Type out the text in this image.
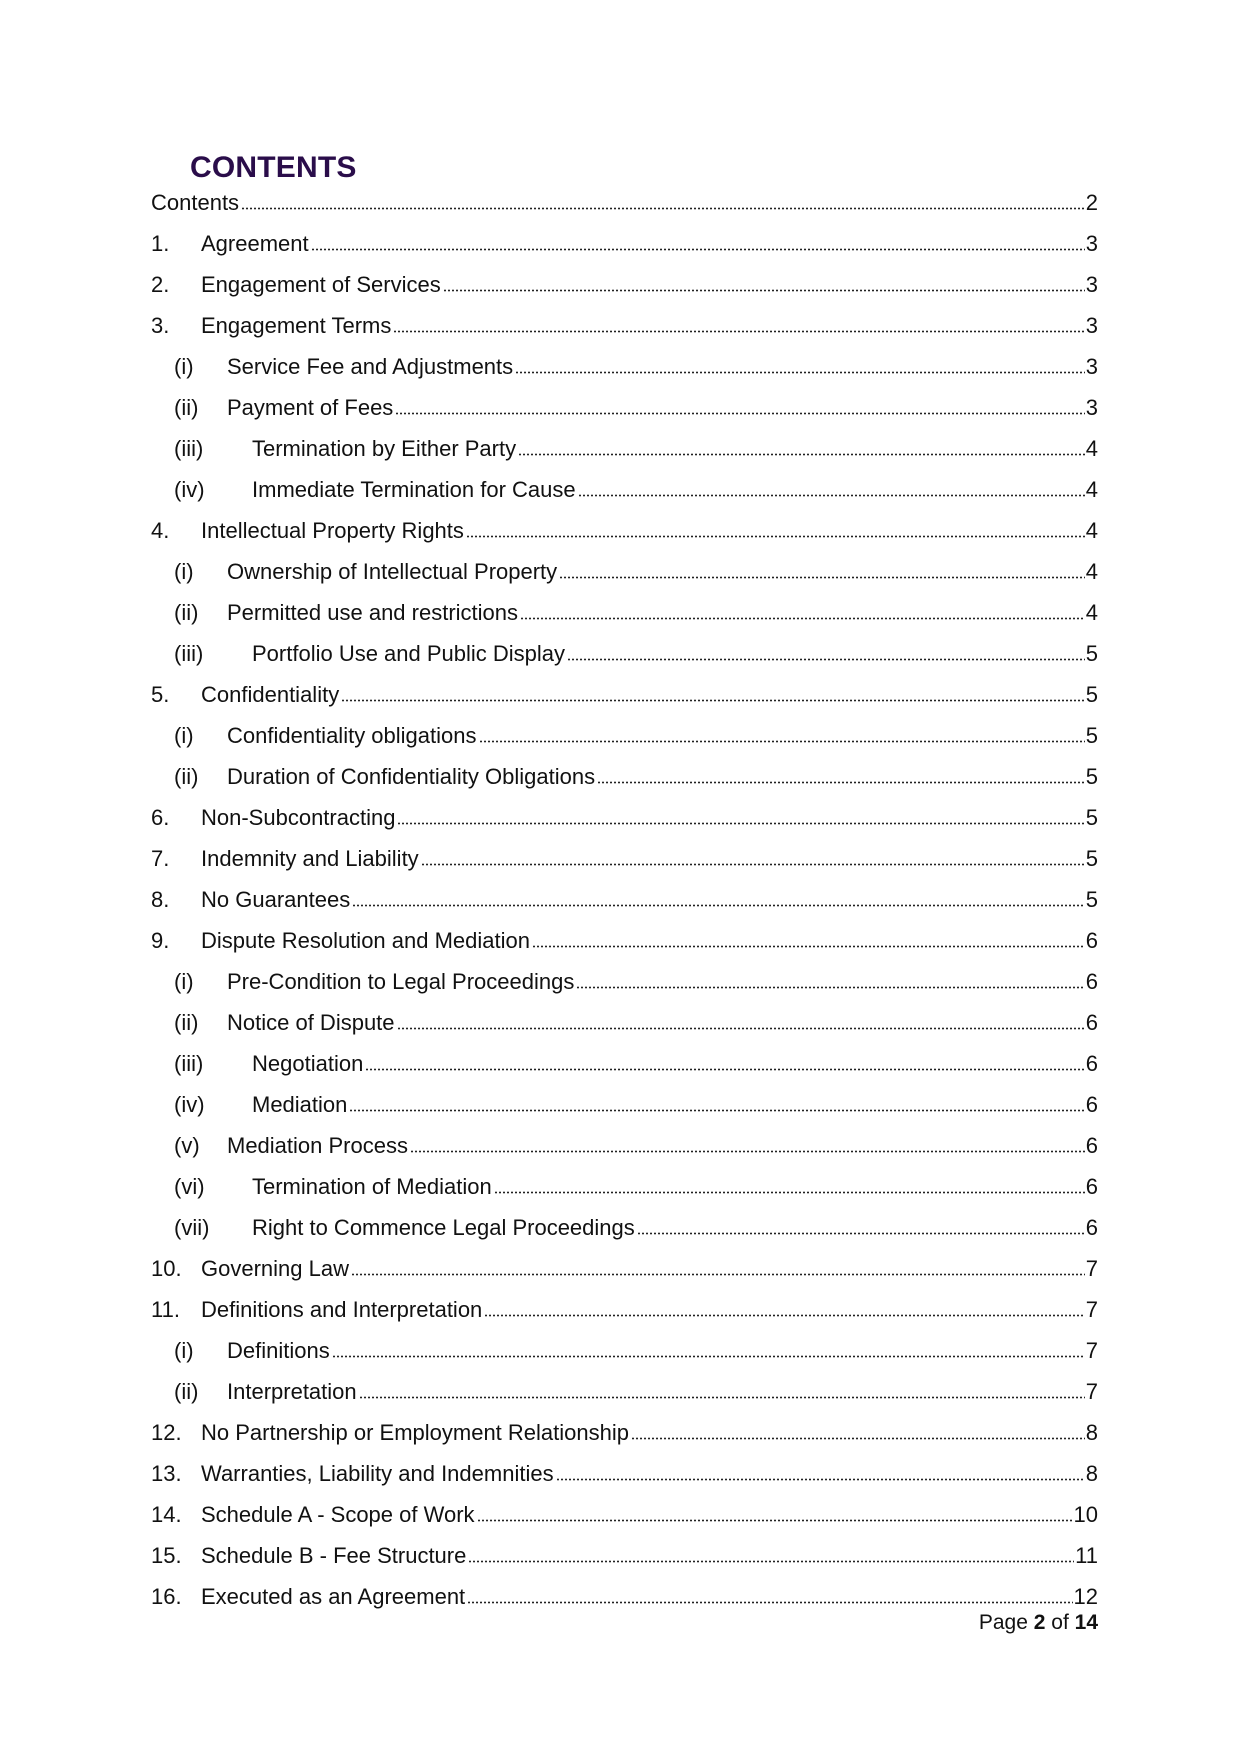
CONTENTS
Contents	2
1. Agreement	3
2. Engagement of Services	3
3. Engagement Terms	3
(i) Service Fee and Adjustments	3
(ii) Payment of Fees	3
(iii) Termination by Either Party	4
(iv) Immediate Termination for Cause	4
4. Intellectual Property Rights	4
(i) Ownership of Intellectual Property	4
(ii) Permitted use and restrictions	4
(iii) Portfolio Use and Public Display	5
5. Confidentiality	5
(i) Confidentiality obligations	5
(ii) Duration of Confidentiality Obligations	5
6. Non-Subcontracting	5
7. Indemnity and Liability	5
8. No Guarantees	5
9. Dispute Resolution and Mediation	6
(i) Pre-Condition to Legal Proceedings	6
(ii) Notice of Dispute	6
(iii) Negotiation	6
(iv) Mediation	6
(v) Mediation Process	6
(vi) Termination of Mediation	6
(vii) Right to Commence Legal Proceedings	6
10. Governing Law	7
11. Definitions and Interpretation	7
(i) Definitions	7
(ii) Interpretation	7
12. No Partnership or Employment Relationship	8
13. Warranties, Liability and Indemnities	8
14. Schedule A - Scope of Work	10
15. Schedule B - Fee Structure	11
16. Executed as an Agreement	12
Page 2 of 14
